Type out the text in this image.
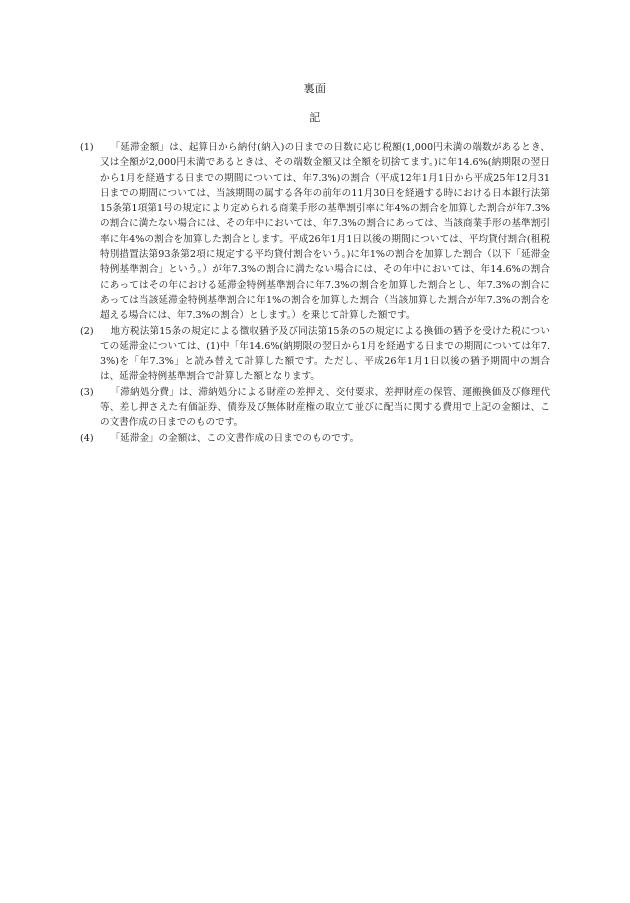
裏面
記
(1)	「延滞金額」は、起算日から納付(納入)の日までの日数に応じ税額(1,000円未満の端数があるとき、又は全額が2,000円未満であるときは、その端数金額又は全額を切捨てます。)に年14.6%(納期限の翌日から1月を経過する日までの期間については、年7.3%)の割合（平成12年1月1日から平成25年12月31日までの期間については、当該期間の属する各年の前年の11月30日を経過する時における日本銀行法第15条第1項第1号の規定により定められる商業手形の基準割引率に年4%の割合を加算した割合が年7.3%の割合に満たない場合には、その年中においては、年7.3%の割合にあっては、当該商業手形の基準割引率に年4%の割合を加算した割合とします。平成26年1月1日以後の期間については、平均貸付割合(租税特別措置法第93条第2項に規定する平均貸付割合をいう。)に年1%の割合を加算した割合（以下「延滞金特例基準割合」という。）が年7.3%の割合に満たない場合には、その年中においては、年14.6%の割合にあってはその年における延滞金特例基準割合に年7.3%の割合を加算した割合とし、年7.3%の割合にあっては当該延滞金特例基準割合に年1%の割合を加算した割合（当該加算した割合が年7.3%の割合を超える場合には、年7.3%の割合）とします。）を乗じて計算した額です。
(2)	地方税法第15条の規定による徴収猶予及び同法第15条の5の規定による換価の猶予を受けた税についての延滞金については、(1)中「年14.6%(納期限の翌日から1月を経過する日までの期間については年7.3%)を「年7.3%」と読み替えて計算した額です。ただし、平成26年1月1日以後の猶予期間中の割合は、延滞金特例基準割合で計算した額となります。
(3)	「滞納処分費」は、滞納処分による財産の差押え、交付要求、差押財産の保管、運搬換価及び修理代等、差し押さえた有価証券、債券及び無体財産権の取立て並びに配当に関する費用で上記の金額は、この文書作成の日までのものです。
(4)	「延滞金」の金額は、この文書作成の日までのものです。
